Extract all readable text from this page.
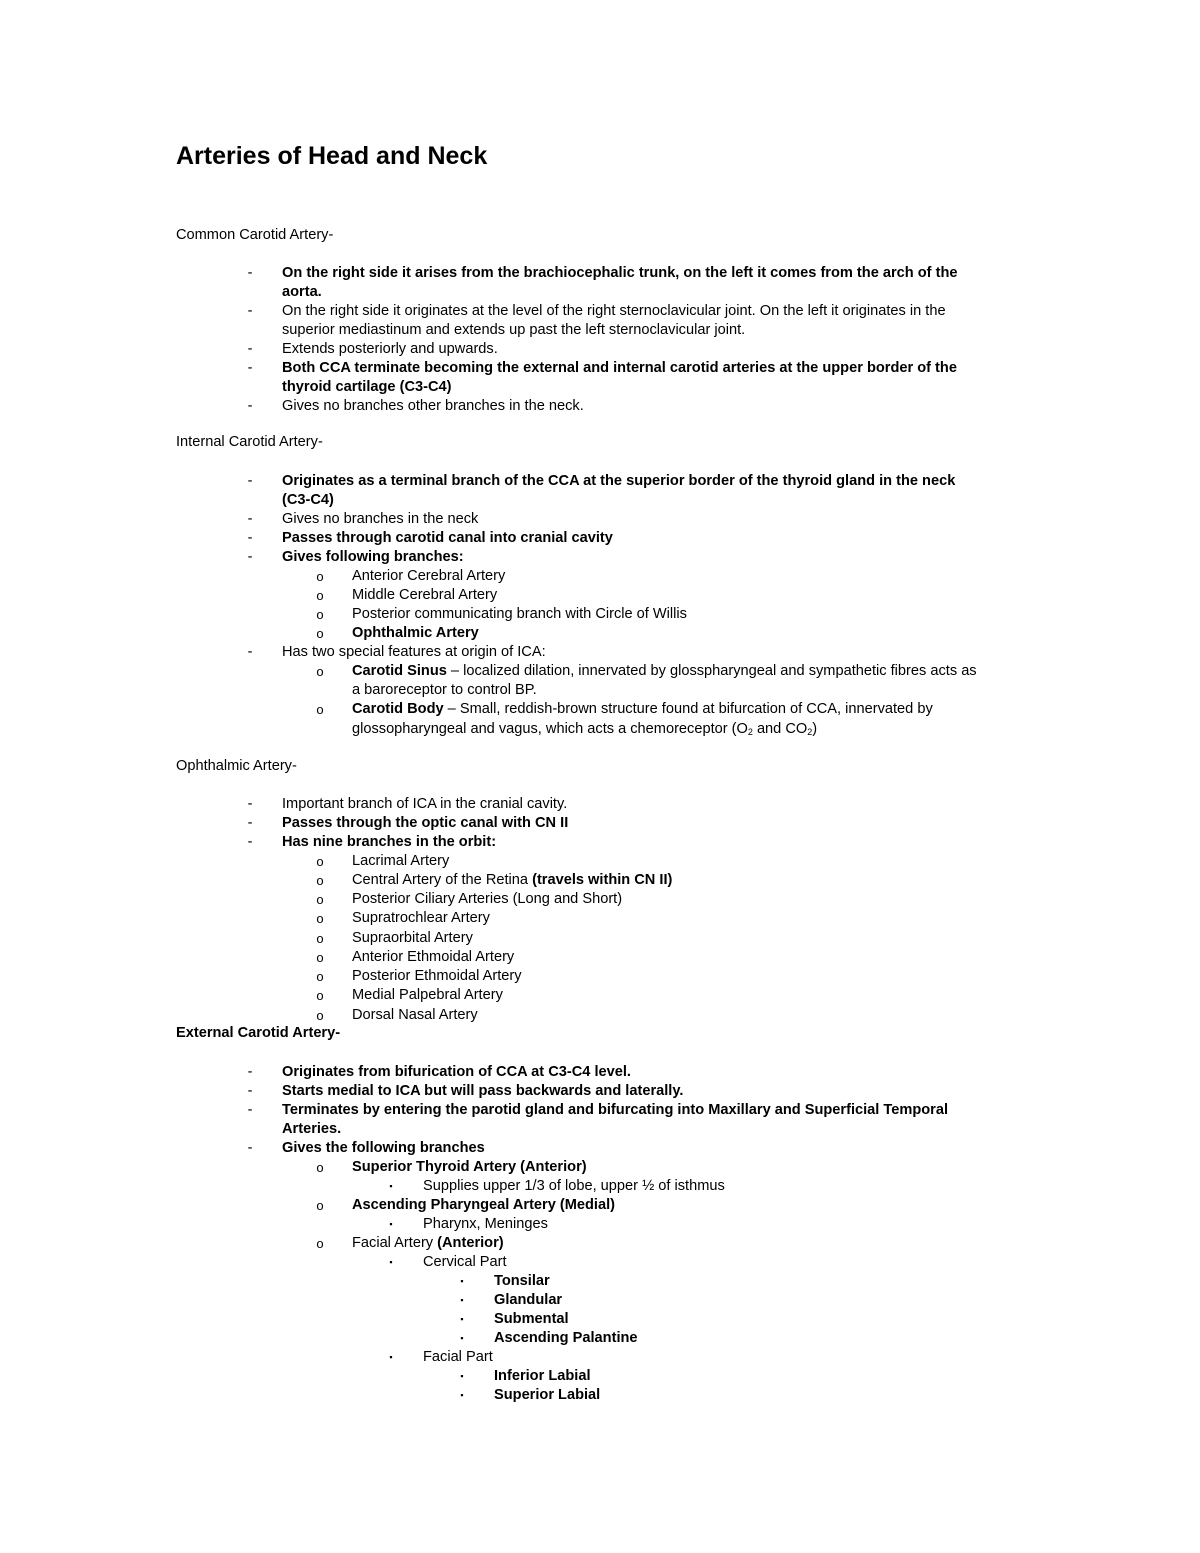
Arteries of Head and Neck
Common Carotid Artery-
-	On the right side it arises from the brachiocephalic trunk, on the left it comes from the arch of the
aorta.
-	On the right side it originates at the level of the right sternoclavicular joint. On the left it originates in the
superior mediastinum and extends up past the left sternoclavicular joint.
-	Extends posteriorly and upwards.
-	Both CCA terminate becoming the external and internal carotid arteries at the upper border of the
thyroid cartilage (C3-C4)
-	Gives no branches other branches in the neck.
Internal Carotid Artery-
-	Originates as a terminal branch of the CCA at the superior border of the thyroid gland in the neck
(C3-C4)
-	Gives no branches in the neck
-	Passes through carotid canal into cranial cavity
-	Gives following branches:
o Anterior Cerebral Artery
o Middle Cerebral Artery
o Posterior communicating branch with Circle of Willis
o Ophthalmic Artery
-	Has two special features at origin of ICA:
o Carotid Sinus – localized dilation, innervated by glosspharyngeal and sympathetic fibres acts as
a baroreceptor to control BP.
o Carotid Body – Small, reddish-brown structure found at bifurcation of CCA, innervated by
glossopharyngeal and vagus, which acts a chemoreceptor ($O_2$ and $CO_2$)
Ophthalmic Artery-
-	Important branch of ICA in the cranial cavity.
-	Passes through the optic canal with CN II
-	Has nine branches in the orbit:
o Lacrimal Artery
o Central Artery of the Retina (travels within CN II)
o Posterior Ciliary Arteries (Long and Short)
o Supratrochlear Artery
o Supraorbital Artery
o Anterior Ethmoidal Artery
o Posterior Ethmoidal Artery
o Medial Palpebral Artery
o Dorsal Nasal Artery
External Carotid Artery-
-	Originates from bifurication of CCA at C3-C4 level.
-	Starts medial to ICA but will pass backwards and laterally.
-	Terminates by entering the parotid gland and bifurcating into Maxillary and Superficial Temporal
Arteries.
-	Gives the following branches
o Superior Thyroid Artery (Anterior)
▪	Supplies upper 1/3 of lobe, upper ½ of isthmus
o Ascending Pharyngeal Artery (Medial)
▪	Pharynx, Meninges
o Facial Artery (Anterior)
▪	Cervical Part
▪	Tonsilar
▪	Glandular
▪	Submental
▪	Ascending Palantine
▪	Facial Part
▪	Inferior Labial
▪	Superior Labial
